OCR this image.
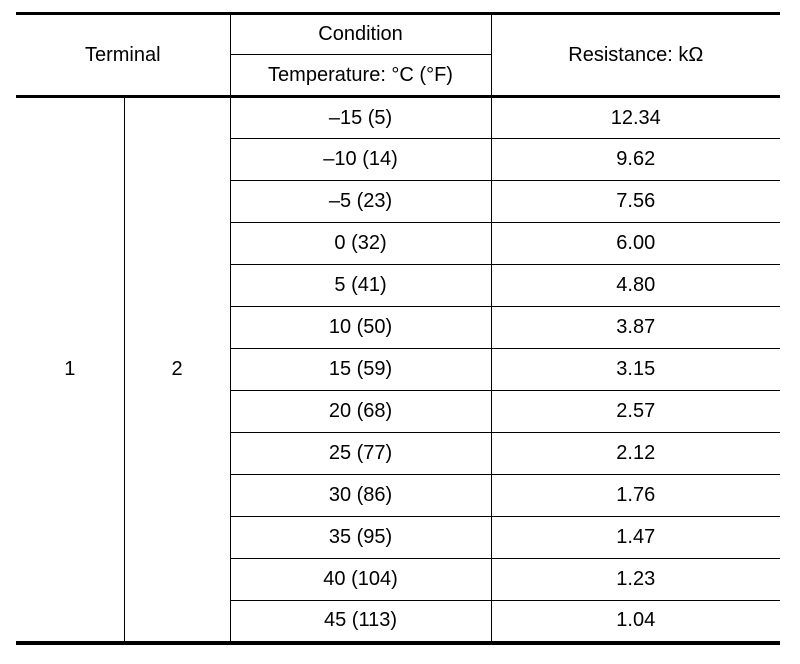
Terminal		Condition	Resistance: kΩ
		Temperature: °C (°F)	
1	2	–15 (5)	12.34
		–10 (14)	9.62
		–5 (23)	7.56
		0 (32)	6.00
		5 (41)	4.80
		10 (50)	3.87
		15 (59)	3.15
		20 (68)	2.57
		25 (77)	2.12
		30 (86)	1.76
		35 (95)	1.47
		40 (104)	1.23
		45 (113)	1.04
